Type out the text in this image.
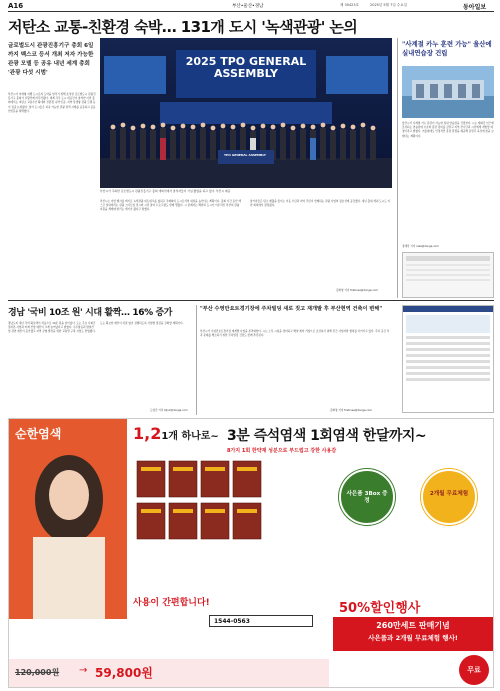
A16	부산•울산•경남	제 30423호	2025년 5월 7일 수요일	동아일보
저탄소 교통-친환경 숙박… 131개 도시 '녹색관광' 논의
글로벌도시 관광진흥기구 총회 6일까지 벡스코 등서 개최 저자 가능한 관광 모델 등 공유 내년 세계 총회 '관광 다섯 시범'
부산시가 미래형 여행 도시로의 도약을 알리기 위해 조성한 글로벌도시 관광진흥기구 총회가 성황리에 마무리됐다. 세계 각국 도시 대표단이 참석한 이번 총회에서는 저탄소 교통수단 확대와 친환경 숙박 인증, 지역 상생형 관광 모델 등이 집중 논의됐다. 참가 도시들은 지속 가능한 관광 정책 사례를 공유하고 공동 선언문을 채택했다.
2025 TPO GENERAL ASSEMBLY
TPO GENERAL ASSEMBLY
부산시가 주최한 글로벌도시 관광진흥기구 총회 개회식에서 참석자들이 기념 촬영을 하고 있다. 부산시 제공
부산시는 이번 행사를 계기로 녹색관광 네트워크를 넓히고 국제회의 도시로서의 위상을 높인다는 계획이다. 총회 기간 동안 벡스코 일대에서는 관광 스타트업 전시와 시민 참여 프로그램도 함께 열렸다. 시 관계자는 해양과 도시가 어우러진 부산의 관광 자원을 세계에 알리는 계기가 됐다고 말했다.
참가자들은 탄소 배출을 줄이는 이동 수단과 지역 주민이 함께하는 관광 사업의 필요성에 공감했다. 내년 총회 개최 도시도 이번 회의에서 결정됐다.
김화영 기자 firstrose@donga.com
"사계절 카누 훈련 가능" 울산에 실내연습장 건립
울산시가 사계절 카누 훈련이 가능한 실내 연습장을 건립한다. 시는 태화강 인근에 조성되는 연습장에 수조와 훈련 장비를 갖추고 지역 선수단과 시민에게 개방할 예정이라고 밝혔다. 겨울철에도 안정적인 훈련 환경을 제공해 유망주 육성에 힘을 보탠다는 계획이다.
정재락 기자 raks@donga.com
경남 '국비 10조 원' 시대 활짝… 16% 증가
경남도의 내년 국비 확보액이 처음으로 10조 원을 넘어섰다. 도는 주요 사회간접자본 사업과 미래 산업 예산이 크게 늘어났다고 밝혔다. 우주항공과 방위산업 관련 예산이 증가했고 지역 균형 발전을 위한 교통망 구축 사업도 반영됐다.
도는 확보한 예산이 차질 없이 집행되도록 사업별 점검을 강화할 계획이다.
도영진 기자 0jin2@donga.com
"부산 수영만요트경기장에 주차빌딩 새로 짓고 재개발 후 부산현역 건축이 변해"
부산시가 수영만요트경기장 재개발 사업을 본격화한다. 시는 노후 시설을 정비하고 해양 레저 거점으로 조성하기 위해 민간 사업자와 협의를 이어가고 있다. 주차 공간 부족 문제를 해소하기 위한 주차빌딩 건립도 함께 추진된다.
김화영 기자 firstrose@donga.com
순한염색	1,21개 하나로~ 3분 즉석염색 1회염색 한달까지~
8가지 1회 한약재 성분으로 부드럽고 강한 사용감
사은품 3Box 증정
2개월 무료체험
사용이 간편합니다!
1544-0563
50%할인행사
260만세트 판매기념
사은품과 2개월 무료체험 행사!
120,000원 → 59,800원	무료
